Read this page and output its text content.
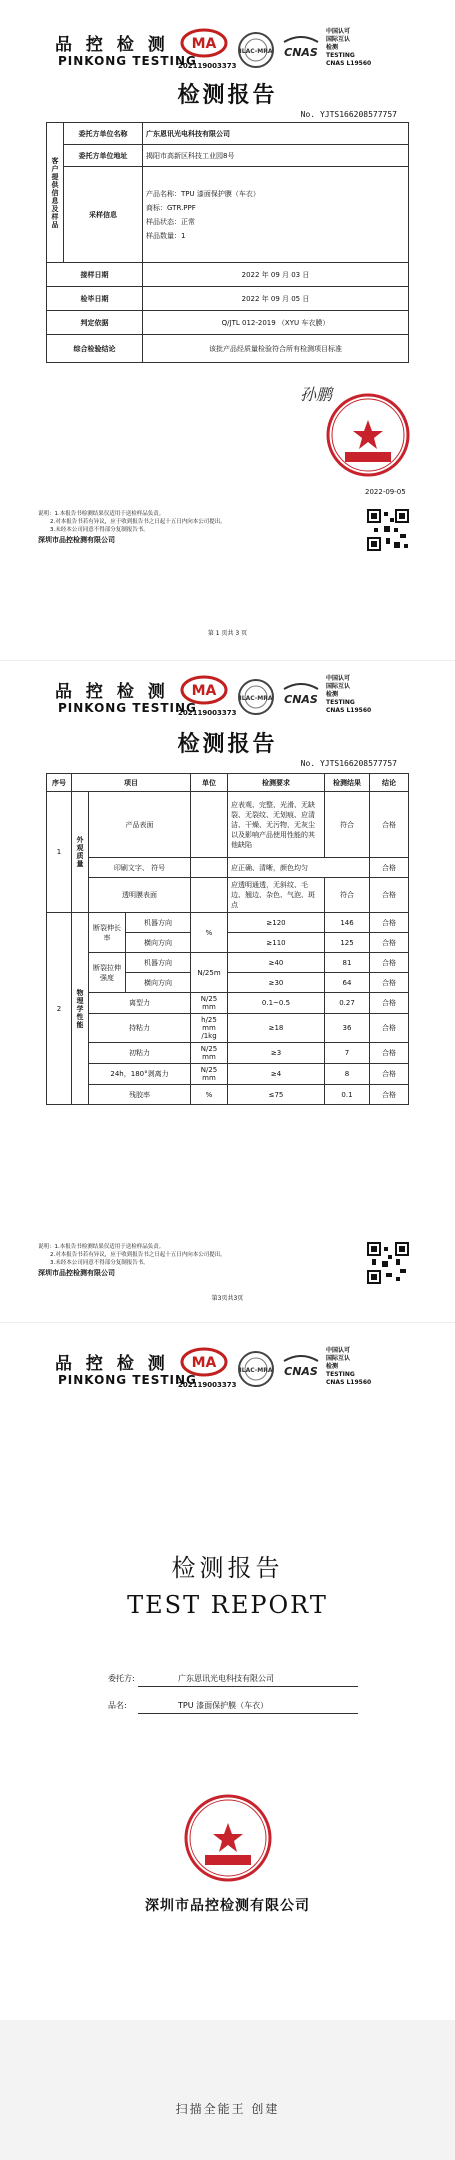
品 控 检 测
PINKONG TESTING
MA
202119003373
ILAC-MRA CNAS
中国认可
国际互认
检测
TESTING
CNAS L19560
检测报告
No. YJTS166208577757
客户提供信息及样品	委托方单位名称	广东恩讯光电科技有限公司
	委托方单位地址	揭阳市高新区科技工业园8号
	采样信息	产品名称：TPU 漆面保护膜（车衣）
商标：GTR.PPF
样品状态：正常
样品数量：1

接样日期		2022 年 09 月 03 日
检毕日期		2022 年 09 月 05 日
判定依据		Q/JTL 012-2019 （XYU 车衣膜）
综合检验结论		该批产品经质量检验符合所有检测项目标准
孙鹏
2022-09-05
说明：1.本报告书检测结果仅适用于送检样品负责。
2.对本报告书若有异议，应于收到报告书之日起十五日内向本公司提出。
3.未经本公司同意不得部分复制报告书。
深圳市品控检测有限公司
第 1 页共 3 页
品 控 检 测
PINKONG TESTING
MA
202119003373
ILAC-MRA CNAS
中国认可
国际互认
检测
TESTING
CNAS L19560
检测报告
No. YJTS166208577757
序号	项目			单位	检测要求	检测结果	结论
1	外观质量	产品表面			应表观、完整、光滑、无缺裂、无裂纹、无划痕、应清洁、干燥、无污物，无灰尘以及影响产品使用性能的其他缺陷	符合	合格
		印刷文字、 符号			应正确、清晰，颜色均匀		合格
		透明膜表面			应透明通透，无斜纹、毛边、翘边、杂色、气泡、斑点	符合	合格
2	物理学性能	断裂伸长率	机器方向	%	≥120	146	合格
			横向方向		≥110	125	合格
		断裂拉伸强度	机器方向	N/25m	≥40	81	合格
			横向方向		≥30	64	合格
		离型力		N/25 mm	0.1~0.5	0.27	合格
		持粘力		h/25 mm /1kg	≥18	36	合格
		初粘力		N/25 mm	≥3	7	合格
		24h，180°剥离力		N/25 mm	≥4	8	合格
		残胶率		%	≤75	0.1	合格
说明：1.本报告书检测结果仅适用于送检样品负责。
2.对本报告书若有异议，应于收到报告书之日起十五日内向本公司提出。
3.未经本公司同意不得部分复制报告书。
深圳市品控检测有限公司
第3页共3页
品 控 检 测
PINKONG TESTING
MA
202119003373
ILAC-MRA CNAS
中国认可
国际互认
检测
TESTING
CNAS L19560
检测报告
TEST REPORT
委托方:	广东恩讯光电科技有限公司
品名:	TPU 漆面保护膜（车衣）
深圳市品控检测有限公司
扫描全能王 创建
